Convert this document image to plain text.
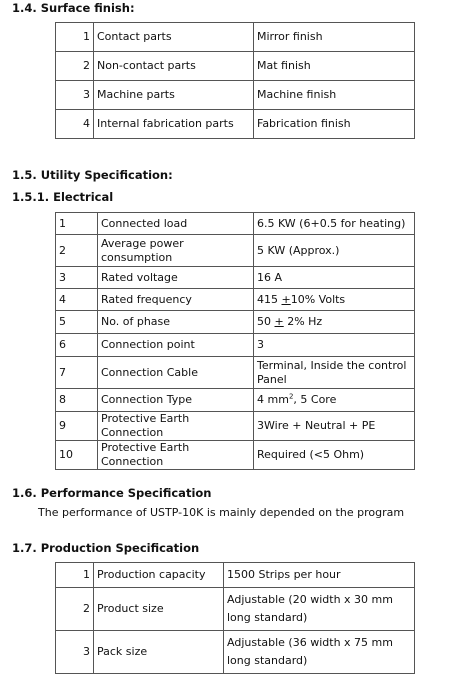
1.4. Surface finish:
1	Contact parts	Mirror finish
2	Non-contact parts	Mat finish
3	Machine parts	Machine finish
4	Internal fabrication parts	Fabrication finish
1.5. Utility Specification:
1.5.1. Electrical
1	Connected load	6.5 KW (6+0.5 for heating)
2	Average power consumption	5 KW (Approx.)
3	Rated voltage	16 A
4	Rated frequency	415 +10% Volts
5	No. of phase	50 + 2% Hz
6	Connection point	3
7	Connection Cable	Terminal, Inside the control Panel
8	Connection Type	4 $mm^2$, 5 Core
9	Protective Earth Connection	3Wire + Neutral + PE
10	Protective Earth Connection	Required (<5 Ohm)
1.6. Performance Specification
The performance of USTP-10K is mainly depended on the program
1.7. Production Specification
1	Production capacity	1500 Strips per hour
2	Product size	Adjustable (20 width x 30 mm long standard)
3	Pack size	Adjustable (36 width x 75 mm long standard)
